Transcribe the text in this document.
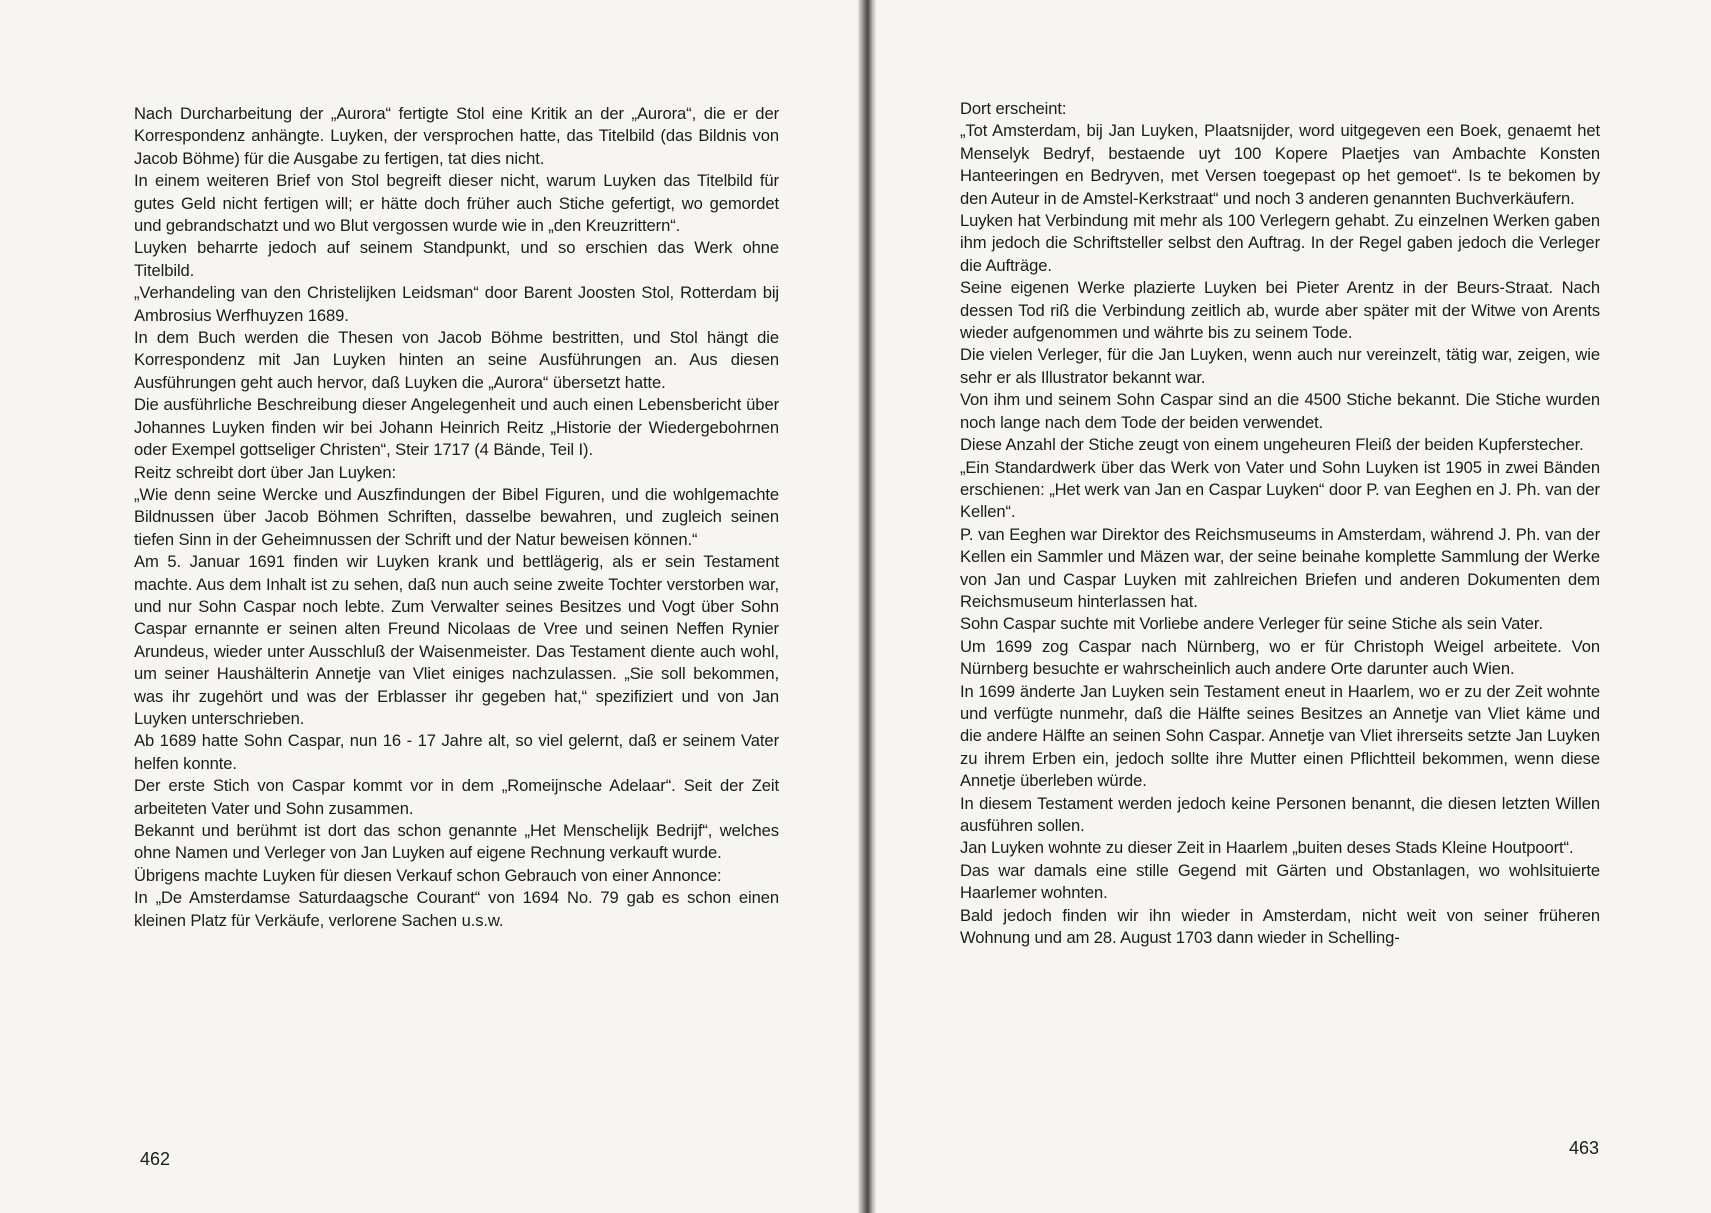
Nach Durcharbeitung der „Aurora“ fertigte Stol eine Kritik an der „Aurora“, die er der Korrespondenz anhängte. Luyken, der versprochen hatte, das Titelbild (das Bildnis von Jacob Böhme) für die Ausgabe zu fertigen, tat dies nicht.

In einem weiteren Brief von Stol begreift dieser nicht, warum Luyken das Titelbild für gutes Geld nicht fertigen will; er hätte doch früher auch Stiche gefertigt, wo gemordet und gebrandschatzt und wo Blut vergossen wurde wie in „den Kreuzrittern“.

Luyken beharrte jedoch auf seinem Standpunkt, und so erschien das Werk ohne Titelbild.

„Verhandeling van den Christelijken Leidsman“ door Barent Joosten Stol, Rotterdam bij Ambrosius Werfhuyzen 1689.

In dem Buch werden die Thesen von Jacob Böhme bestritten, und Stol hängt die Korrespondenz mit Jan Luyken hinten an seine Ausführungen an. Aus diesen Ausführungen geht auch hervor, daß Luyken die „Aurora“ übersetzt hatte.

Die ausführliche Beschreibung dieser Angelegenheit und auch einen Lebensbericht über Johannes Luyken finden wir bei Johann Heinrich Reitz „Historie der Wiedergebohrnen oder Exempel gottseliger Christen“, Steir 1717 (4 Bände, Teil I).

Reitz schreibt dort über Jan Luyken:

„Wie denn seine Wercke und Auszfindungen der Bibel Figuren, und die wohlgemachte Bildnussen über Jacob Böhmen Schriften, dasselbe bewahren, und zugleich seinen tiefen Sinn in der Geheimnussen der Schrift und der Natur beweisen können.“

Am 5. Januar 1691 finden wir Luyken krank und bettlägerig, als er sein Testament machte. Aus dem Inhalt ist zu sehen, daß nun auch seine zweite Tochter verstorben war, und nur Sohn Caspar noch lebte. Zum Verwalter seines Besitzes und Vogt über Sohn Caspar ernannte er seinen alten Freund Nicolaas de Vree und seinen Neffen Rynier Arundeus, wieder unter Ausschluß der Waisenmeister. Das Testament diente auch wohl, um seiner Haushälterin Annetje van Vliet einiges nachzulassen. „Sie soll bekommen, was ihr zugehört und was der Erblasser ihr gegeben hat,“ spezifiziert und von Jan Luyken unterschrieben.

Ab 1689 hatte Sohn Caspar, nun 16 - 17 Jahre alt, so viel gelernt, daß er seinem Vater helfen konnte.

Der erste Stich von Caspar kommt vor in dem „Romeijnsche Adelaar“. Seit der Zeit arbeiteten Vater und Sohn zusammen.

Bekannt und berühmt ist dort das schon genannte „Het Menschelijk Bedrijf“, welches ohne Namen und Verleger von Jan Luyken auf eigene Rechnung verkauft wurde.

Übrigens machte Luyken für diesen Verkauf schon Gebrauch von einer Annonce:

In „De Amsterdamse Saturdaagsche Courant“ von 1694 No. 79 gab es schon einen kleinen Platz für Verkäufe, verlorene Sachen u.s.w.

462

Dort erscheint:

„Tot Amsterdam, bij Jan Luyken, Plaatsnijder, word uitgegeven een Boek, genaemt het Menselyk Bedryf, bestaende uyt 100 Kopere Plaetjes van Ambachte Konsten Hanteeringen en Bedryven, met Versen toegepast op het gemoet“. Is te bekomen by den Auteur in de Amstel-Kerkstraat“ und noch 3 anderen genannten Buchverkäufern.

Luyken hat Verbindung mit mehr als 100 Verlegern gehabt. Zu einzelnen Werken gaben ihm jedoch die Schriftsteller selbst den Auftrag. In der Regel gaben jedoch die Verleger die Aufträge.

Seine eigenen Werke plazierte Luyken bei Pieter Arentz in der Beurs-Straat. Nach dessen Tod riß die Verbindung zeitlich ab, wurde aber später mit der Witwe von Arents wieder aufgenommen und währte bis zu seinem Tode.

Die vielen Verleger, für die Jan Luyken, wenn auch nur vereinzelt, tätig war, zeigen, wie sehr er als Illustrator bekannt war.

Von ihm und seinem Sohn Caspar sind an die 4500 Stiche bekannt. Die Stiche wurden noch lange nach dem Tode der beiden verwendet.

Diese Anzahl der Stiche zeugt von einem ungeheuren Fleiß der beiden Kupferstecher.

„Ein Standardwerk über das Werk von Vater und Sohn Luyken ist 1905 in zwei Bänden erschienen: „Het werk van Jan en Caspar Luyken“ door P. van Eeghen en J. Ph. van der Kellen“.

P. van Eeghen war Direktor des Reichsmuseums in Amsterdam, während J. Ph. van der Kellen ein Sammler und Mäzen war, der seine beinahe komplette Sammlung der Werke von Jan und Caspar Luyken mit zahlreichen Briefen und anderen Dokumenten dem Reichsmuseum hinterlassen hat.

Sohn Caspar suchte mit Vorliebe andere Verleger für seine Stiche als sein Vater.

Um 1699 zog Caspar nach Nürnberg, wo er für Christoph Weigel arbeitete. Von Nürnberg besuchte er wahrscheinlich auch andere Orte darunter auch Wien.

In 1699 änderte Jan Luyken sein Testament eneut in Haarlem, wo er zu der Zeit wohnte und verfügte nunmehr, daß die Hälfte seines Besitzes an Annetje van Vliet käme und die andere Hälfte an seinen Sohn Caspar. Annetje van Vliet ihrerseits setzte Jan Luyken zu ihrem Erben ein, jedoch sollte ihre Mutter einen Pflichtteil bekommen, wenn diese Annetje überleben würde.

In diesem Testament werden jedoch keine Personen benannt, die diesen letzten Willen ausführen sollen.

Jan Luyken wohnte zu dieser Zeit in Haarlem „buiten deses Stads Kleine Houtpoort“.

Das war damals eine stille Gegend mit Gärten und Obstanlagen, wo wohlsituierte Haarlemer wohnten.

Bald jedoch finden wir ihn wieder in Amsterdam, nicht weit von seiner früheren Wohnung und am 28. August 1703 dann wieder in Schelling-

463
